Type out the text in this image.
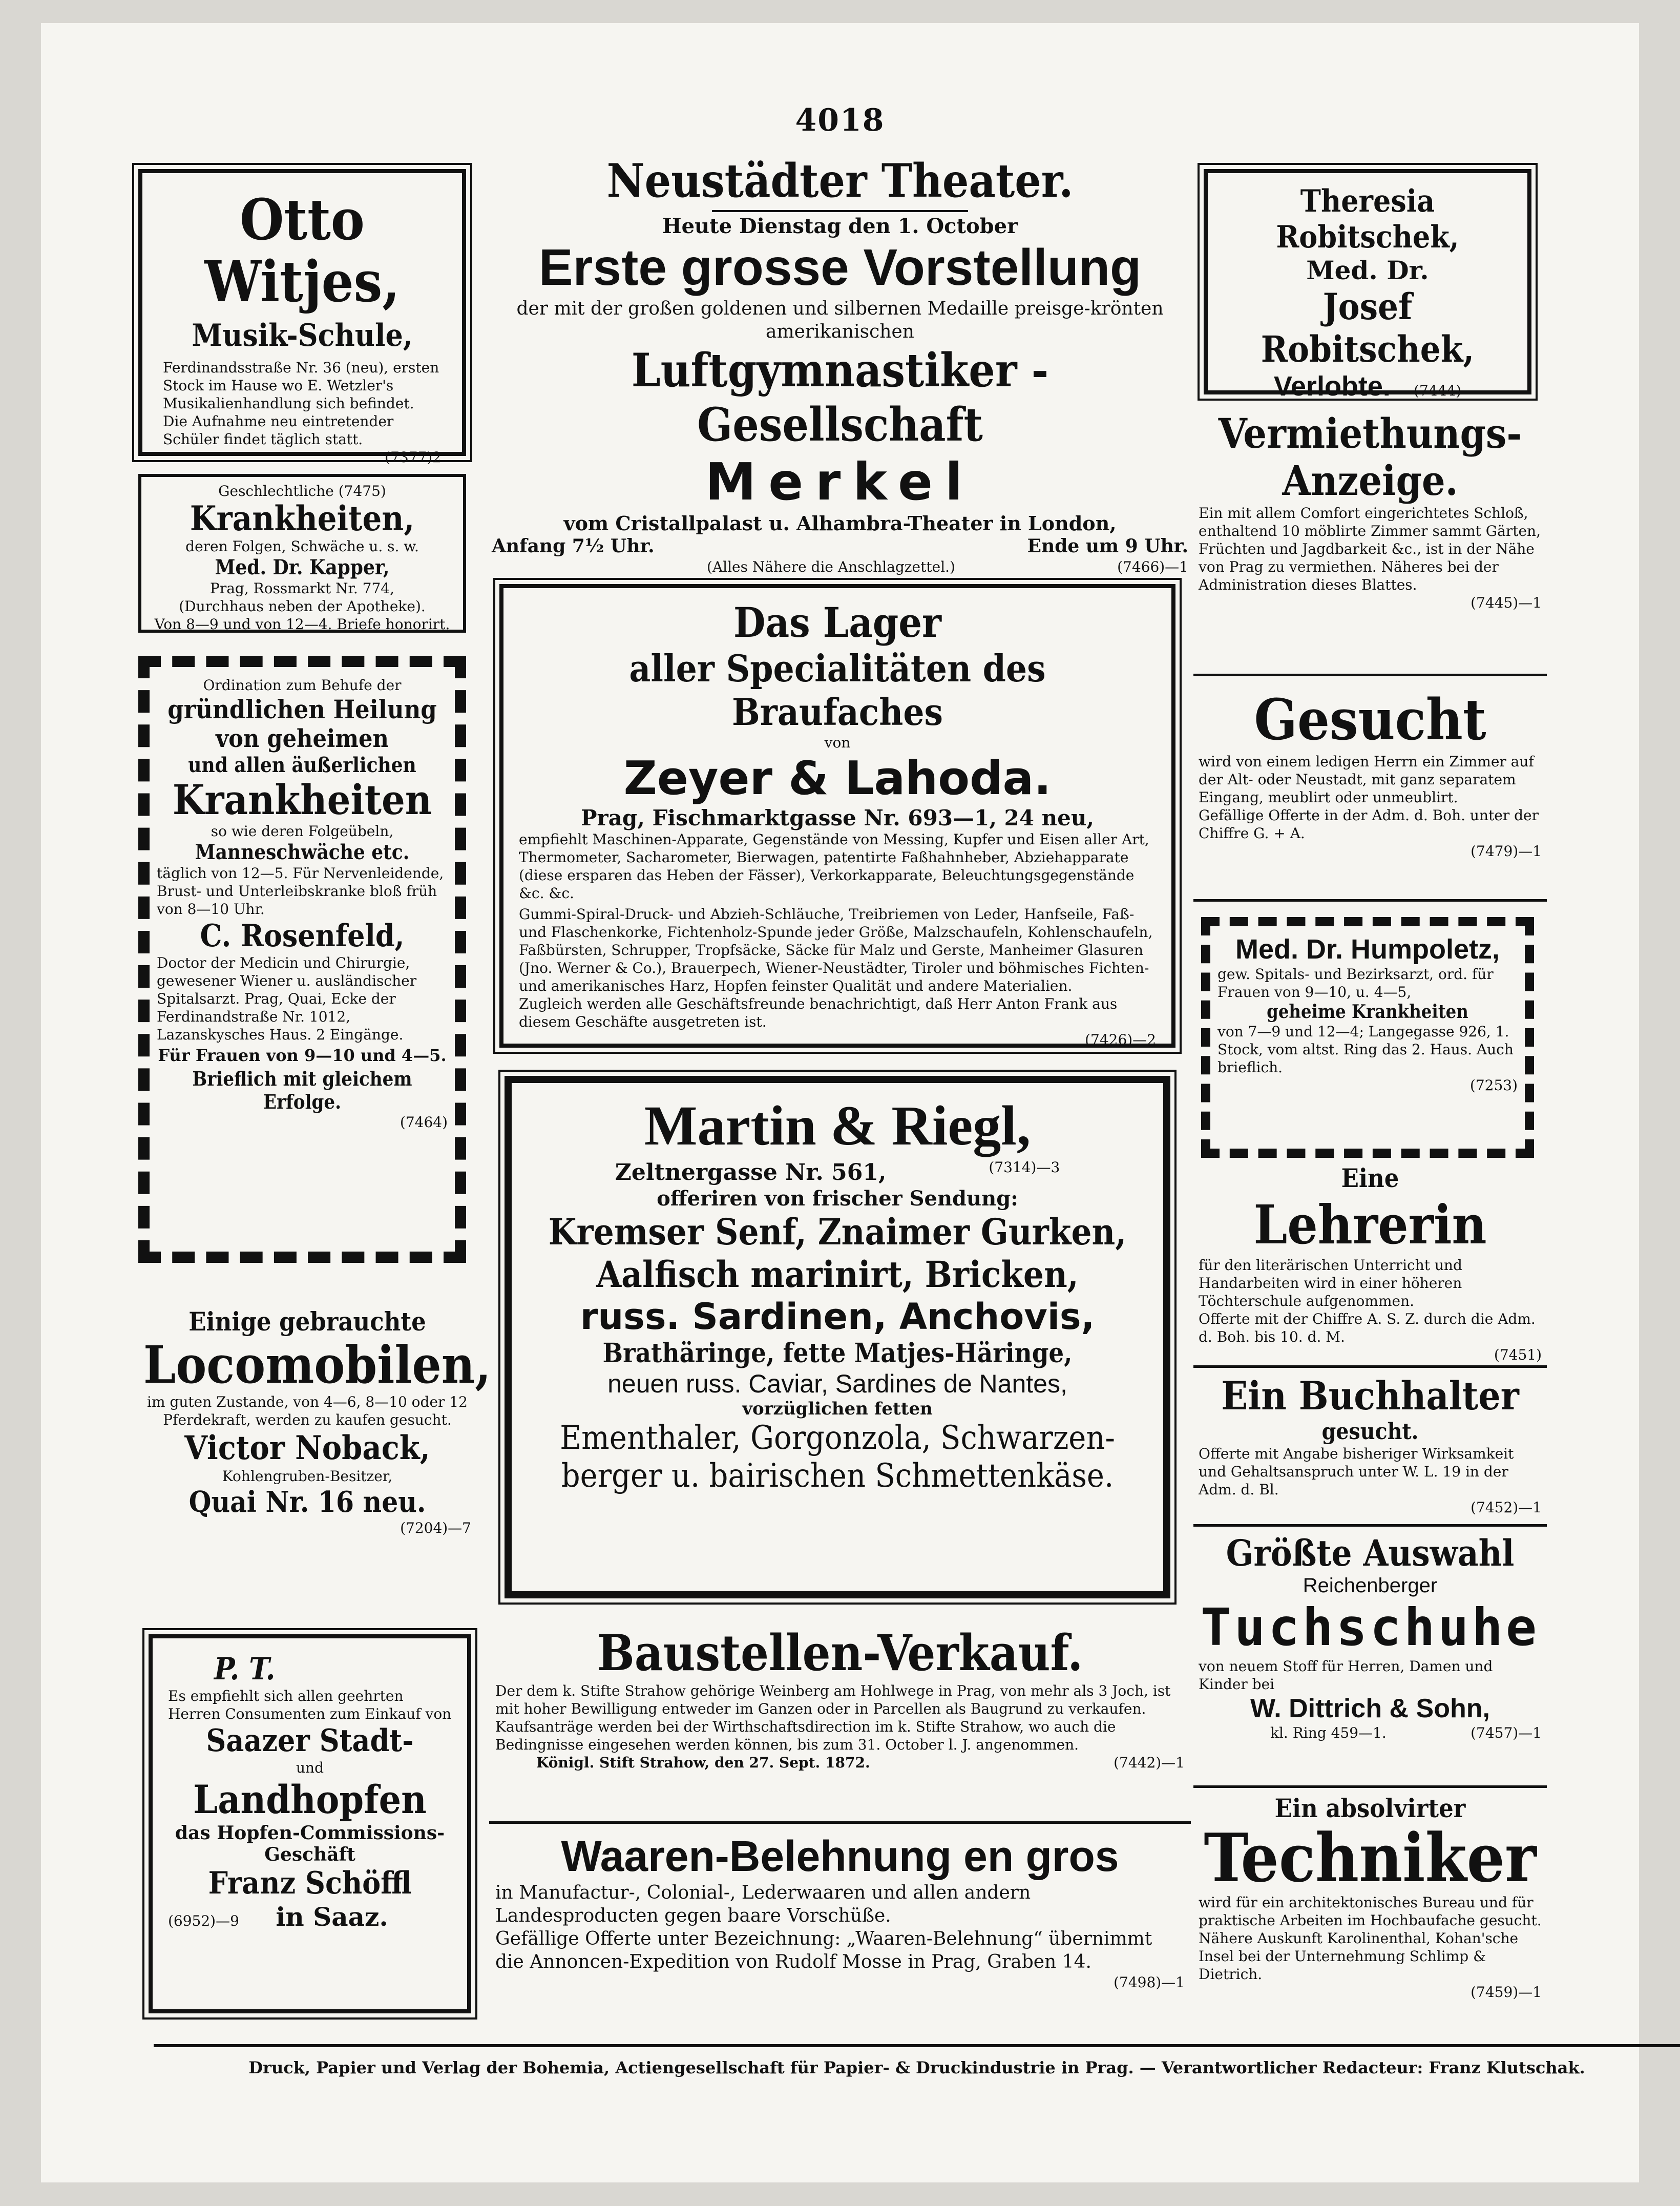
4018
Otto Witjes,
Musik-Schule,

Ferdinandsstraße Nr. 36 (neu), ersten Stock im Hause wo E. Wetzler's Musikalienhandlung sich befindet.

Die Aufnahme neu eintretender Schüler findet täglich statt.

(7377)2
Geschlechtliche (7475)
Krankheiten,
deren Folgen, Schwäche u. s. w.
Med. Dr. Kapper,
Prag, Rossmarkt Nr. 774,
(Durchhaus neben der Apotheke).
Von 8—9 und von 12—4. Briefe honorirt.
Ordination zum Behufe der
gründlichen Heilung
von geheimen
und allen äußerlichen
Krankheiten
so wie deren Folgeübeln,
Manneschwäche etc.

täglich von 12—5. Für Nervenleidende, Brust- und Unterleibskranke bloß früh von 8—10 Uhr.

C. Rosenfeld,

Doctor der Medicin und Chirurgie, gewesener Wiener u. ausländischer Spitalsarzt. Prag, Quai, Ecke der Ferdinandstraße Nr. 1012, Lazanskysches Haus. 2 Eingänge.

Für Frauen von 9—10 und 4—5.
Brieflich mit gleichem Erfolge.
(7464)
Einige gebrauchte
Locomobilen,

im guten Zustande, von 4—6, 8—10 oder 12 Pferdekraft, werden zu kaufen gesucht.

Victor Noback,
Kohlengruben-Besitzer,
Quai Nr. 16 neu.
(7204)—7
P. T.

Es empfiehlt sich allen geehrten Herren Consumenten zum Einkauf von

Saazer Stadt-
und
Landhopfen
das Hopfen-Commissions-Geschäft
Franz Schöffl
(6952)—9 in Saaz.
Neustädter Theater.
Heute Dienstag den 1. October
Erste grosse Vorstellung

der mit der großen goldenen und silbernen Medaille preisge-krönten amerikanischen

Luftgymnastiker - Gesellschaft
Merkel
vom Cristallpalast u. Alhambra-Theater in London,
Anfang 7½ Uhr.	Ende um 9 Uhr.
(Alles Nähere die Anschlagzettel.)	(7466)—1
Das Lager
aller Specialitäten des Braufaches
von
Zeyer & Lahoda.
Prag, Fischmarktgasse Nr. 693—1, 24 neu,

empfiehlt Maschinen-Apparate, Gegenstände von Messing, Kupfer und Eisen aller Art, Thermometer, Sacharometer, Bierwagen, patentirte Faßhahnheber, Abziehapparate (diese ersparen das Heben der Fässer), Verkorkapparate, Beleuchtungsgegenstände &c. &c.

Gummi-Spiral-Druck- und Abzieh-Schläuche, Treibriemen von Leder, Hanfseile, Faß- und Flaschenkorke, Fichtenholz-Spunde jeder Größe, Malzschaufeln, Kohlenschaufeln, Faßbürsten, Schrupper, Tropfsäcke, Säcke für Malz und Gerste, Manheimer Glasuren (Jno. Werner & Co.), Brauerpech, Wiener-Neustädter, Tiroler und böhmisches Fichten- und amerikanisches Harz, Hopfen feinster Qualität und andere Materialien.

Zugleich werden alle Geschäftsfreunde benachrichtigt, daß Herr Anton Frank aus diesem Geschäfte ausgetreten ist.

(7426)—2
Martin & Riegl,
Zeltnergasse Nr. 561,	(7314)—3
offeriren von frischer Sendung:
Kremser Senf, Znaimer Gurken,
Aalfisch marinirt, Bricken,
russ. Sardinen, Anchovis,
Brathäringe, fette Matjes-Häringe,
neuen russ. Caviar, Sardines de Nantes,
vorzüglichen fetten
Ementhaler, Gorgonzola, Schwarzen-
berger u. bairischen Schmettenkäse.
Baustellen-Verkauf.

Der dem k. Stifte Strahow gehörige Weinberg am Hohlwege in Prag, von mehr als 3 Joch, ist mit hoher Bewilligung entweder im Ganzen oder in Parcellen als Baugrund zu verkaufen.

Kaufsanträge werden bei der Wirthschaftsdirection im k. Stifte Strahow, wo auch die Bedingnisse eingesehen werden können, bis zum 31. October l. J. angenommen.

Königl. Stift Strahow, den 27. Sept. 1872.	(7442)—1
Waaren-Belehnung en gros

in Manufactur-, Colonial-, Lederwaaren und allen andern Landesproducten gegen baare Vorschüße.

Gefällige Offerte unter Bezeichnung: „Waaren-Belehnung“ übernimmt die Annoncen-Expedition von Rudolf Mosse in Prag, Graben 14.

(7498)—1
Theresia Robitschek,
Med. Dr.
Josef Robitschek,
Verlobte. (7444)
Vermiethungs-Anzeige.

Ein mit allem Comfort eingerichtetes Schloß, enthaltend 10 möblirte Zimmer sammt Gärten, Früchten und Jagdbarkeit &c., ist in der Nähe von Prag zu vermiethen. Näheres bei der Administration dieses Blattes.

(7445)—1
Gesucht

wird von einem ledigen Herrn ein Zimmer auf der Alt- oder Neustadt, mit ganz separatem Eingang, meublirt oder unmeublirt.

Gefällige Offerte in der Adm. d. Boh. unter der Chiffre G. + A.

(7479)—1
Med. Dr. Humpoletz,

gew. Spitals- und Bezirksarzt, ord. für Frauen von 9—10, u. 4—5,

geheime Krankheiten

von 7—9 und 12—4; Langegasse 926, 1. Stock, vom altst. Ring das 2. Haus. Auch brieflich.

(7253)
Eine
Lehrerin

für den literärischen Unterricht und Handarbeiten wird in einer höheren Töchterschule aufgenommen.

Offerte mit der Chiffre A. S. Z. durch die Adm. d. Boh. bis 10. d. M.

(7451)
Ein Buchhalter
gesucht.

Offerte mit Angabe bisheriger Wirksamkeit und Gehaltsanspruch unter W. L. 19 in der Adm. d. Bl.

(7452)—1
Größte Auswahl
Reichenberger
Tuchschuhe

von neuem Stoff für Herren, Damen und Kinder bei

W. Dittrich & Sohn,
kl. Ring 459—1.	(7457)—1
Ein absolvirter
Techniker

wird für ein architektonisches Bureau und für praktische Arbeiten im Hochbaufache gesucht. Nähere Auskunft Karolinenthal, Kohan'sche Insel bei der Unternehmung Schlimp & Dietrich.

(7459)—1
Druck, Papier und Verlag der Bohemia, Actiengesellschaft für Papier- & Druckindustrie in Prag. — Verantwortlicher Redacteur: Franz Klutschak.
